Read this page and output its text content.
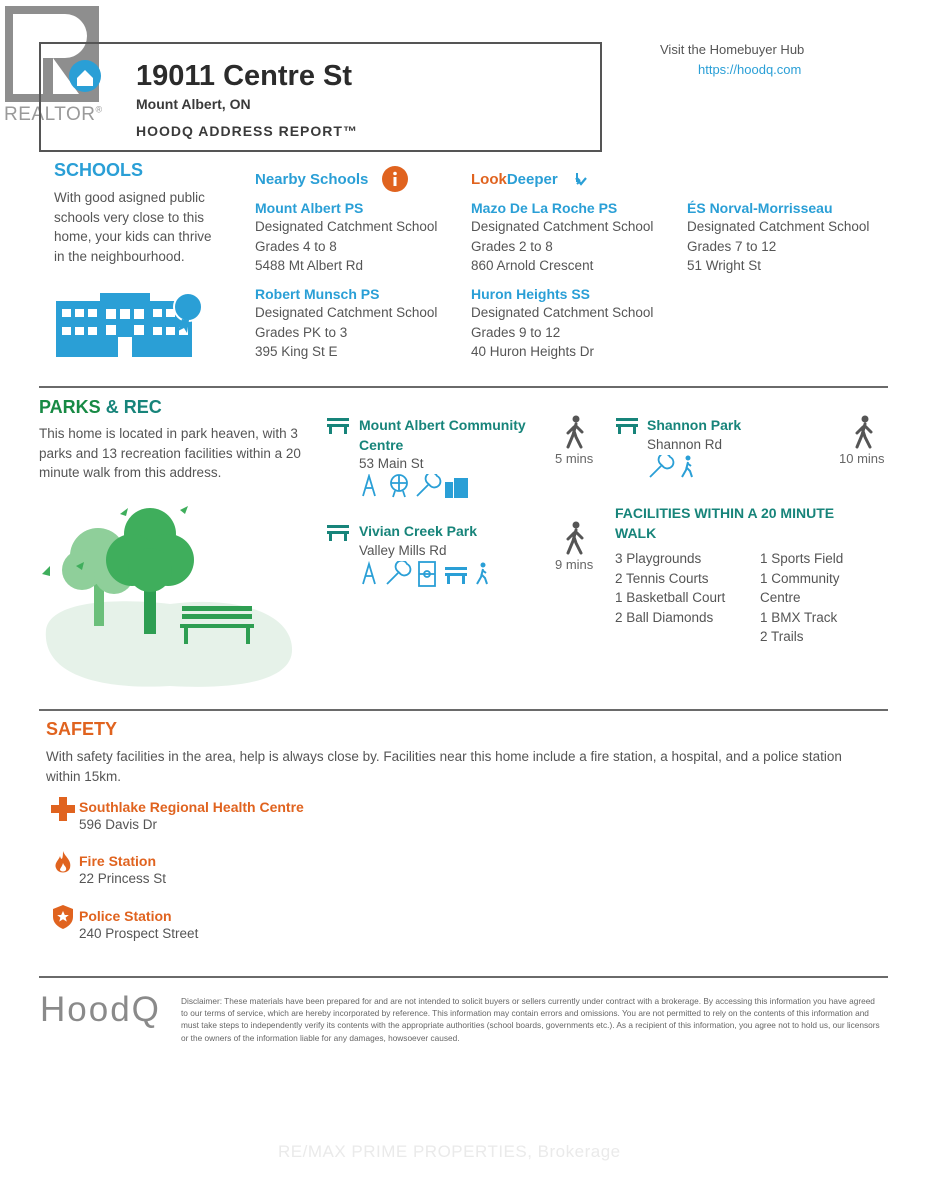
REALTOR®
19011 Centre St
Mount Albert, ON
HOODQ ADDRESS REPORT™
Visit the Homebuyer Hub
https://hoodq.com
SCHOOLS
With good asigned public
schools very close to this
home, your kids can thrive
in the neighbourhood.
Nearby Schools	LookDeeper
Mount Albert PS
Designated Catchment School
Grades 4 to 8
5488 Mt Albert Rd
Mazo De La Roche PS
Designated Catchment School
Grades 2 to 8
860 Arnold Crescent
ÉS Norval-Morrisseau
Designated Catchment School
Grades 7 to 12
51 Wright St
Robert Munsch PS
Designated Catchment School
Grades PK to 3
395 King St E
Huron Heights SS
Designated Catchment School
Grades 9 to 12
40 Huron Heights Dr
PARKS & REC
This home is located in park heaven, with 3
parks and 13 recreation facilities within a 20
minute walk from this address.
Mount Albert Community
Centre
53 Main St	5 mins
Shannon Park
Shannon Rd
10 mins
Vivian Creek Park
Valley Mills Rd
9 mins
FACILITIES WITHIN A 20 MINUTE
WALK
3 Playgrounds
2 Tennis Courts
1 Basketball Court
2 Ball Diamonds
1 Sports Field
1 Community
Centre
1 BMX Track
2 Trails
SAFETY
With safety facilities in the area, help is always close by. Facilities near this home include a fire station, a hospital, and a police station
within 15km.
Southlake Regional Health Centre
596 Davis Dr
Fire Station
22 Princess St
Police Station
240 Prospect Street
HoodQ Disclaimer: These materials have been prepared for and are not intended to solicit buyers or sellers currently under contract with a brokerage. By accessing this information you have agreed to our terms of service, which are hereby incorporated by reference. This information may contain errors and omissions. You are not permitted to rely on the contents of this information and must take steps to independently verify its contents with the appropriate authorities (school boards, governments etc.). As a recipient of this information, you agree not to hold us, our licensors or the owners of the information liable for any damages, howsoever caused.
RE/MAX PRIME PROPERTIES, Brokerage
